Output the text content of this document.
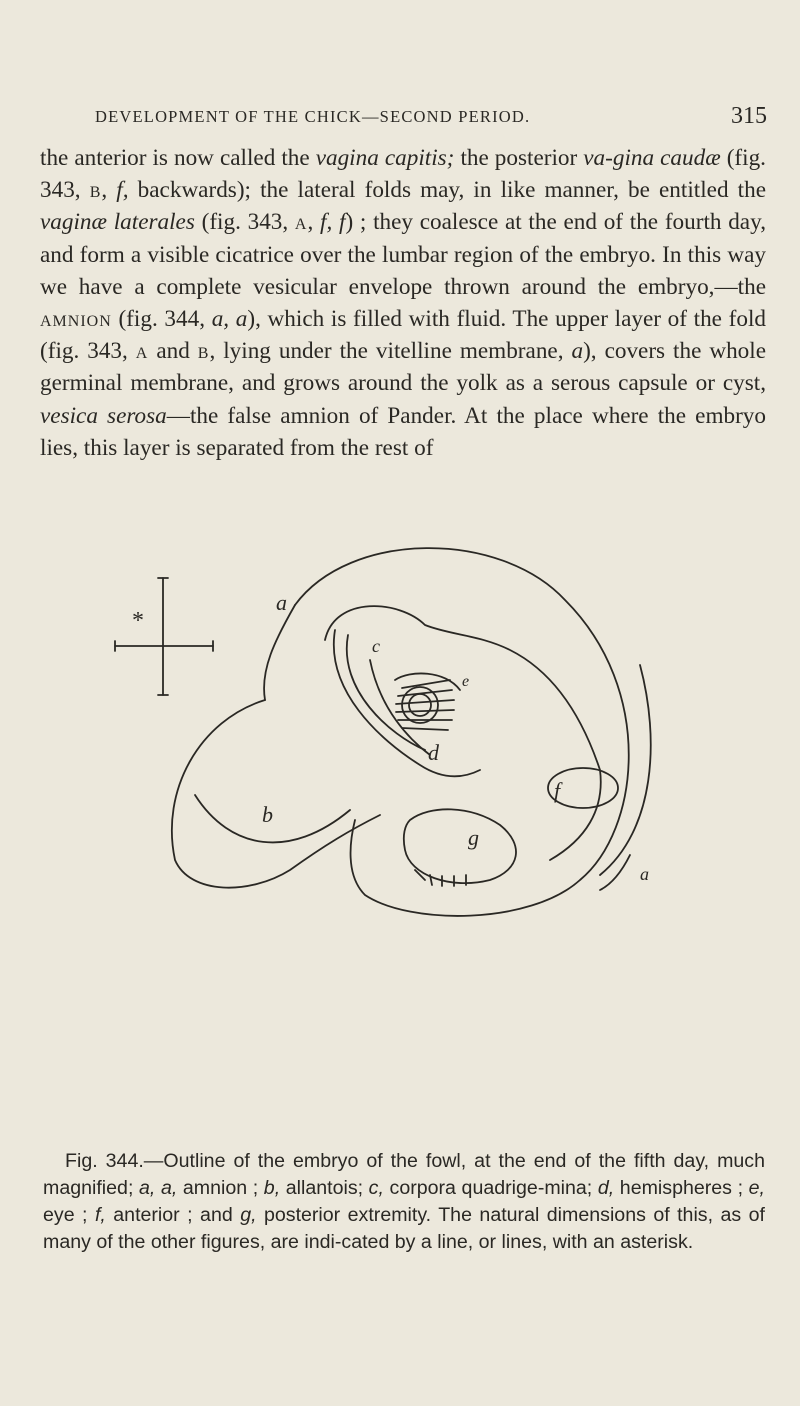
DEVELOPMENT OF THE CHICK—SECOND PERIOD.	315

the anterior is now called the vagina capitis; the posterior va-gina caudæ (fig. 343, b, f, backwards); the lateral folds may, in like manner, be entitled the vaginæ laterales (fig. 343, a, f, f) ; they coalesce at the end of the fourth day, and form a visible cicatrice over the lumbar region of the embryo. In this way we have a complete vesicular envelope thrown around the embryo,—the amnion (fig. 344, a, a), which is filled with fluid. The upper layer of the fold (fig. 343, a and b, lying under the vitelline membrane, a), covers the whole germinal membrane, and grows around the yolk as a serous capsule or cyst, vesica serosa—the false amnion of Pander. At the place where the embryo lies, this layer is separated from the rest of

*
a
c
e
d
f
b
g
a

Fig. 344.—Outline of the embryo of the fowl, at the end of the fifth day, much magnified; a, a, amnion ; b, allantois; c, corpora quadrige-mina; d, hemispheres ; e, eye ; f, anterior ; and g, posterior extremity. The natural dimensions of this, as of many of the other figures, are indi-cated by a line, or lines, with an asterisk.
